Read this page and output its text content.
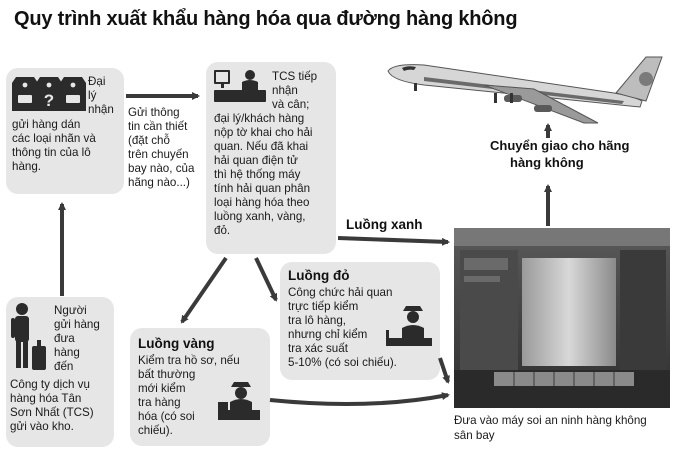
Quy trình xuất khẩu hàng hóa qua đường hàng không
?
Đại
lý
nhận
gửi hàng dán
các loại nhãn và
thông tin của lô
hàng.
Gửi thông
tin cần thiết
(đặt chỗ
trên chuyến
bay nào, của
hãng nào...)
TCS tiếp
nhận
và cân;
đại lý/khách hàng
nộp tờ khai cho hải
quan. Nếu đã khai
hải quan điện tử
thì hệ thống máy
tính hải quan phân
loại hàng hóa theo
luồng xanh, vàng,
đỏ.	Luồng xanh
Người
gửi hàng
đưa
hàng
đến
Công ty dịch vụ
hàng hóa Tân
Sơn Nhất (TCS)
gửi vào kho.
Luồng đỏ
Công chức hải quan
trực tiếp kiểm
tra lô hàng,
nhưng chỉ kiểm
tra xác suất
5-10% (có soi chiếu).
Luồng vàng
Kiểm tra hồ sơ, nếu
bất thường
mới kiểm
tra hàng
hóa (có soi
chiếu).
Chuyển giao cho hãng
hàng không
Đưa vào máy soi an ninh hàng không
sân bay
